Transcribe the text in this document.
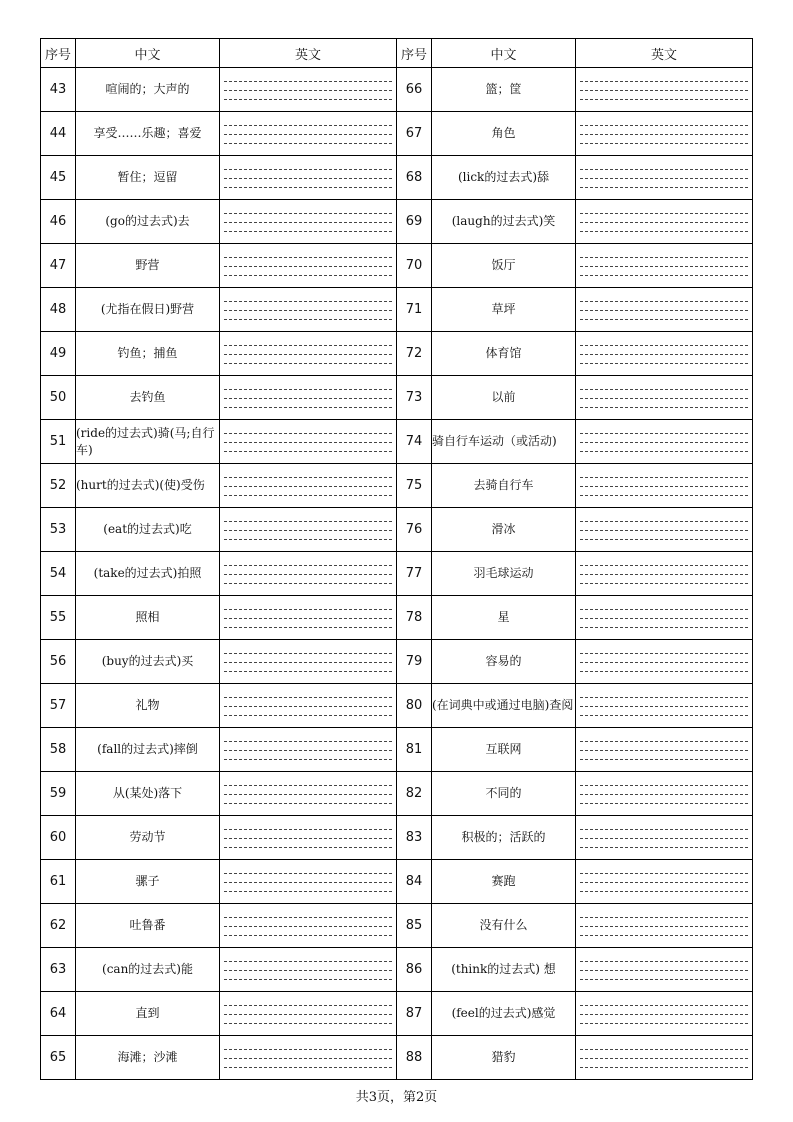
序号	中文	英文	序号	中文	英文
43	喧闹的；大声的		66	篮；筐	

44	享受……乐趣；喜爱		67	角色	

45	暂住；逗留		68	(lick的过去式)舔	

46	(go的过去式)去		69	(laugh的过去式)笑	

47	野营		70	饭厅	

48	(尤指在假日)野营		71	草坪	

49	钓鱼；捕鱼		72	体育馆	

50	去钓鱼		73	以前	

51	(ride的过去式)骑(马;自行车)		74	骑自行车运动（或活动)	

52	(hurt的过去式)(使)受伤		75	去骑自行车	

53	(eat的过去式)吃		76	滑冰	

54	(take的过去式)拍照		77	羽毛球运动	

55	照相		78	星	

56	(buy的过去式)买		79	容易的	

57	礼物		80	(在词典中或通过电脑)查阅	

58	(fall的过去式)摔倒		81	互联网	

59	从(某处)落下		82	不同的	

60	劳动节		83	积极的；活跃的	

61	骡子		84	赛跑	

62	吐鲁番		85	没有什么	

63	(can的过去式)能		86	(think的过去式) 想	

64	直到		87	(feel的过去式)感觉	

65	海滩；沙滩		88	猎豹	
共3页，第2页
